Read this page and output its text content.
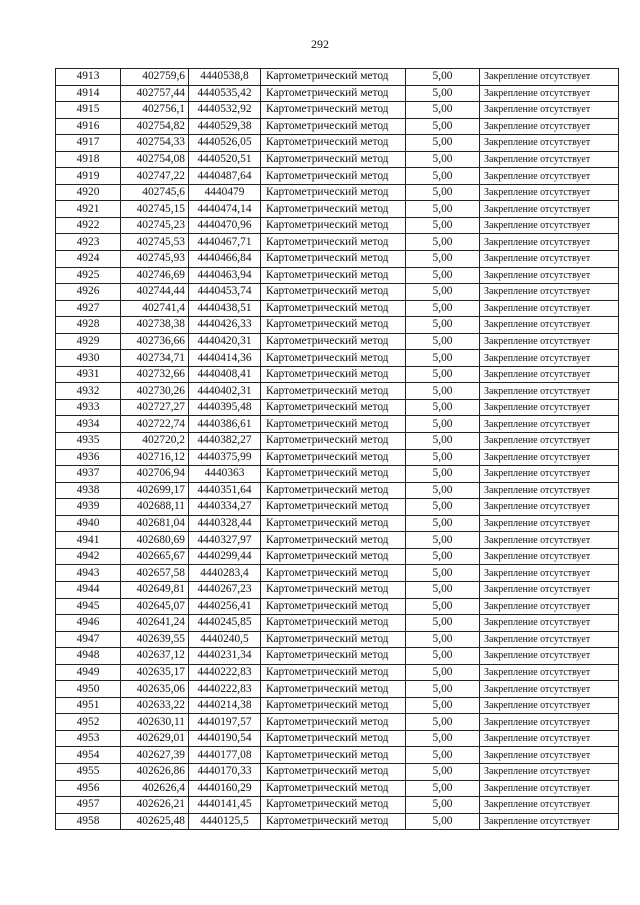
292
4913	402759,6	4440538,8	Картометрический метод	5,00	Закрепление отсутствует
4914	402757,44	4440535,42	Картометрический метод	5,00	Закрепление отсутствует
4915	402756,1	4440532,92	Картометрический метод	5,00	Закрепление отсутствует
4916	402754,82	4440529,38	Картометрический метод	5,00	Закрепление отсутствует
4917	402754,33	4440526,05	Картометрический метод	5,00	Закрепление отсутствует
4918	402754,08	4440520,51	Картометрический метод	5,00	Закрепление отсутствует
4919	402747,22	4440487,64	Картометрический метод	5,00	Закрепление отсутствует
4920	402745,6	4440479	Картометрический метод	5,00	Закрепление отсутствует
4921	402745,15	4440474,14	Картометрический метод	5,00	Закрепление отсутствует
4922	402745,23	4440470,96	Картометрический метод	5,00	Закрепление отсутствует
4923	402745,53	4440467,71	Картометрический метод	5,00	Закрепление отсутствует
4924	402745,93	4440466,84	Картометрический метод	5,00	Закрепление отсутствует
4925	402746,69	4440463,94	Картометрический метод	5,00	Закрепление отсутствует
4926	402744,44	4440453,74	Картометрический метод	5,00	Закрепление отсутствует
4927	402741,4	4440438,51	Картометрический метод	5,00	Закрепление отсутствует
4928	402738,38	4440426,33	Картометрический метод	5,00	Закрепление отсутствует
4929	402736,66	4440420,31	Картометрический метод	5,00	Закрепление отсутствует
4930	402734,71	4440414,36	Картометрический метод	5,00	Закрепление отсутствует
4931	402732,66	4440408,41	Картометрический метод	5,00	Закрепление отсутствует
4932	402730,26	4440402,31	Картометрический метод	5,00	Закрепление отсутствует
4933	402727,27	4440395,48	Картометрический метод	5,00	Закрепление отсутствует
4934	402722,74	4440386,61	Картометрический метод	5,00	Закрепление отсутствует
4935	402720,2	4440382,27	Картометрический метод	5,00	Закрепление отсутствует
4936	402716,12	4440375,99	Картометрический метод	5,00	Закрепление отсутствует
4937	402706,94	4440363	Картометрический метод	5,00	Закрепление отсутствует
4938	402699,17	4440351,64	Картометрический метод	5,00	Закрепление отсутствует
4939	402688,11	4440334,27	Картометрический метод	5,00	Закрепление отсутствует
4940	402681,04	4440328,44	Картометрический метод	5,00	Закрепление отсутствует
4941	402680,69	4440327,97	Картометрический метод	5,00	Закрепление отсутствует
4942	402665,67	4440299,44	Картометрический метод	5,00	Закрепление отсутствует
4943	402657,58	4440283,4	Картометрический метод	5,00	Закрепление отсутствует
4944	402649,81	4440267,23	Картометрический метод	5,00	Закрепление отсутствует
4945	402645,07	4440256,41	Картометрический метод	5,00	Закрепление отсутствует
4946	402641,24	4440245,85	Картометрический метод	5,00	Закрепление отсутствует
4947	402639,55	4440240,5	Картометрический метод	5,00	Закрепление отсутствует
4948	402637,12	4440231,34	Картометрический метод	5,00	Закрепление отсутствует
4949	402635,17	4440222,83	Картометрический метод	5,00	Закрепление отсутствует
4950	402635,06	4440222,83	Картометрический метод	5,00	Закрепление отсутствует
4951	402633,22	4440214,38	Картометрический метод	5,00	Закрепление отсутствует
4952	402630,11	4440197,57	Картометрический метод	5,00	Закрепление отсутствует
4953	402629,01	4440190,54	Картометрический метод	5,00	Закрепление отсутствует
4954	402627,39	4440177,08	Картометрический метод	5,00	Закрепление отсутствует
4955	402626,86	4440170,33	Картометрический метод	5,00	Закрепление отсутствует
4956	402626,4	4440160,29	Картометрический метод	5,00	Закрепление отсутствует
4957	402626,21	4440141,45	Картометрический метод	5,00	Закрепление отсутствует
4958	402625,48	4440125,5	Картометрический метод	5,00	Закрепление отсутствует
